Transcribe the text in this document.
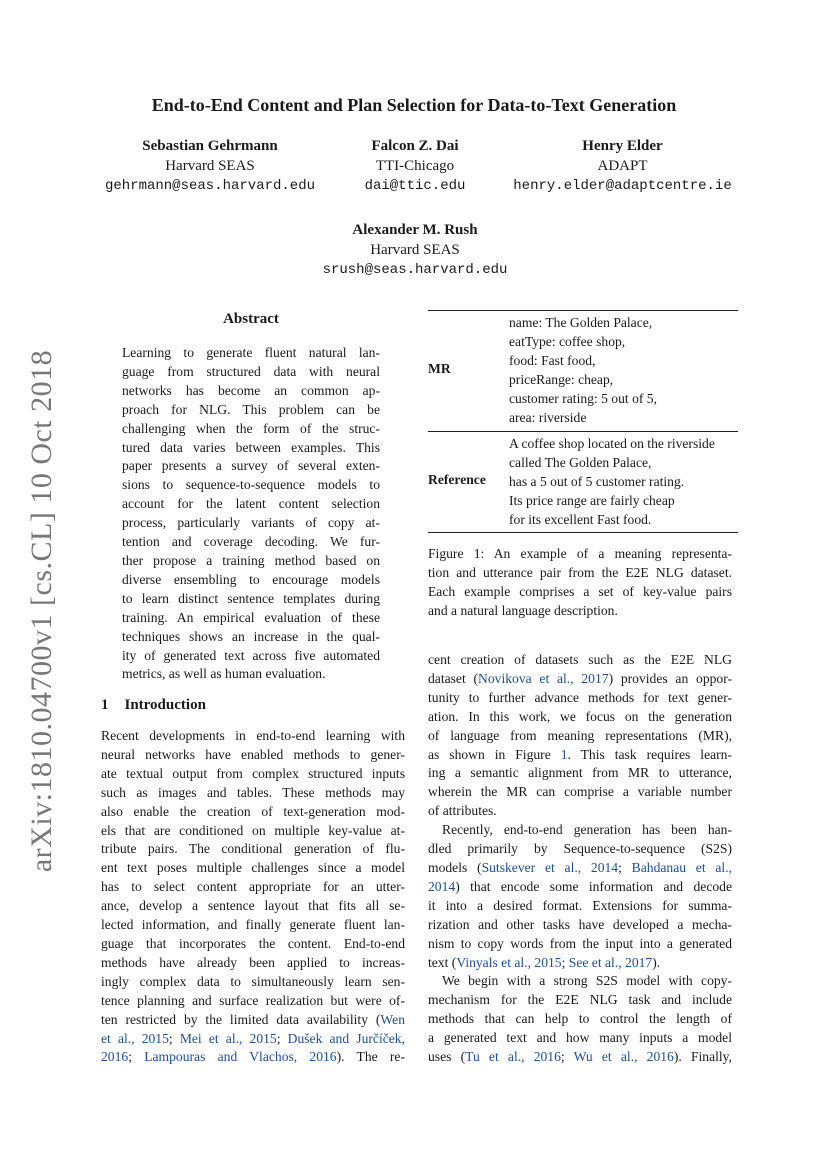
arXiv:1810.04700v1 [cs.CL] 10 Oct 2018
End-to-End Content and Plan Selection for Data-to-Text Generation
Sebastian Gehrmann
Harvard SEAS
gehrmann@seas.harvard.edu
Falcon Z. Dai
TTI-Chicago
dai@ttic.edu
Henry Elder
ADAPT
henry.elder@adaptcentre.ie
Alexander M. Rush
Harvard SEAS
srush@seas.harvard.edu
Abstract
Learning to generate fluent natural lan-
guage from structured data with neural
networks has become an common ap-
proach for NLG. This problem can be
challenging when the form of the struc-
tured data varies between examples. This
paper presents a survey of several exten-
sions to sequence-to-sequence models to
account for the latent content selection
process, particularly variants of copy at-
tention and coverage decoding. We fur-
ther propose a training method based on
diverse ensembling to encourage models
to learn distinct sentence templates during
training. An empirical evaluation of these
techniques shows an increase in the qual-
ity of generated text across five automated
metrics, as well as human evaluation.
1 Introduction
Recent developments in end-to-end learning with
neural networks have enabled methods to gener-
ate textual output from complex structured inputs
such as images and tables. These methods may
also enable the creation of text-generation mod-
els that are conditioned on multiple key-value at-
tribute pairs. The conditional generation of flu-
ent text poses multiple challenges since a model
has to select content appropriate for an utter-
ance, develop a sentence layout that fits all se-
lected information, and finally generate fluent lan-
guage that incorporates the content. End-to-end
methods have already been applied to increas-
ingly complex data to simultaneously learn sen-
tence planning and surface realization but were of-
ten restricted by the limited data availability (Wen
et al., 2015; Mei et al., 2015; Dušek and Jurčíček,
2016; Lampouras and Vlachos, 2016). The re-
MR
name: The Golden Palace,
eatType: coffee shop,
food: Fast food,
priceRange: cheap,
customer rating: 5 out of 5,
area: riverside
Reference
A coffee shop located on the riverside
called The Golden Palace,
has a 5 out of 5 customer rating.
Its price range are fairly cheap
for its excellent Fast food.
Figure 1: An example of a meaning representa-
tion and utterance pair from the E2E NLG dataset.
Each example comprises a set of key-value pairs
and a natural language description.
cent creation of datasets such as the E2E NLG
dataset (Novikova et al., 2017) provides an oppor-
tunity to further advance methods for text gener-
ation. In this work, we focus on the generation
of language from meaning representations (MR),
as shown in Figure 1. This task requires learn-
ing a semantic alignment from MR to utterance,
wherein the MR can comprise a variable number
of attributes.
Recently, end-to-end generation has been han-
dled primarily by Sequence-to-sequence (S2S)
models (Sutskever et al., 2014; Bahdanau et al.,
2014) that encode some information and decode
it into a desired format. Extensions for summa-
rization and other tasks have developed a mecha-
nism to copy words from the input into a generated
text (Vinyals et al., 2015; See et al., 2017).
We begin with a strong S2S model with copy-
mechanism for the E2E NLG task and include
methods that can help to control the length of
a generated text and how many inputs a model
uses (Tu et al., 2016; Wu et al., 2016). Finally,
